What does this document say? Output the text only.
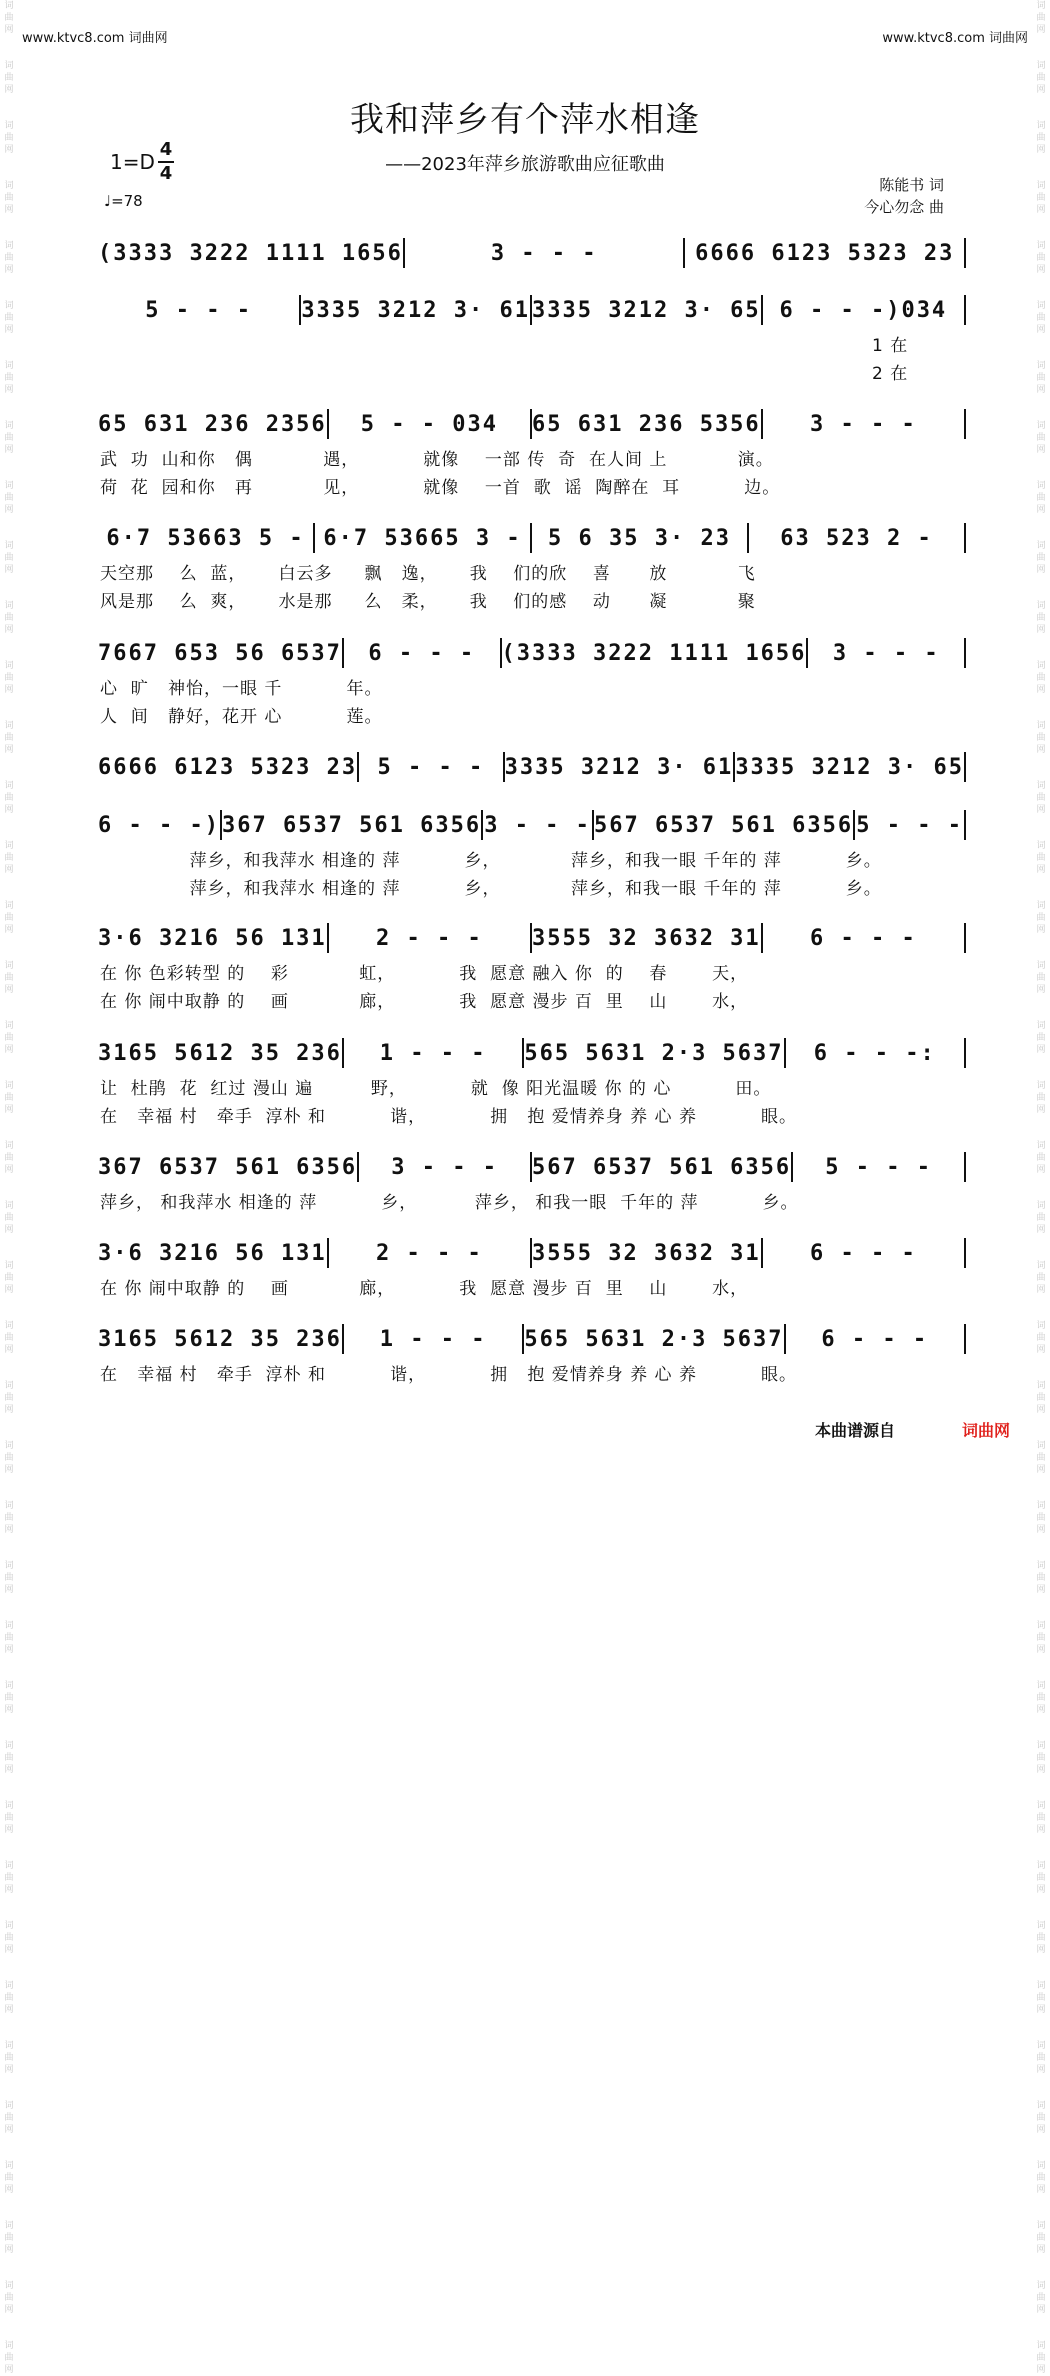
词
曲
网

词
曲
网

词
曲
网

词
曲
网

词
曲
网

词
曲
网

词
曲
网

词
曲
网

词
曲
网

词
曲
网

词
曲
网

词
曲
网

词
曲
网

词
曲
网

词
曲
网

词
曲
网

词
曲
网

词
曲
网

词
曲
网

词
曲
网

词
曲
网

词
曲
网

词
曲
网

词
曲
网

词
曲
网

词
曲
网

词
曲
网

词
曲
网

词
曲
网

词
曲
网

词
曲
网

词
曲
网

词
曲
网

词
曲
网

词
曲
网

词
曲
网

词
曲
网

词
曲
网

词
曲
网

词
曲
网

词
曲
网

词
曲
网

词
曲
网

词
曲
网

词
曲
网

词
曲
网

词
曲
网

词
曲
网

词
曲
网

词
曲
网

词
曲
网

词
曲
网

词
曲
网

词
曲
网

词
曲
网

词
曲
网

词
曲
网

词
曲
网

词
曲
网

词
曲
网

词
曲
网

词
曲
网

词
曲
网

词
曲
网

词
曲
网

词
曲
网

词
曲
网

词
曲
网

词
曲
网

词
曲
网

词
曲
网

词
曲
网

词
曲
网

词
曲
网

词
曲
网

词
曲
网

词
曲
网

词
曲
网

词
曲
网

词
曲
网

www.ktvc8.com 词曲网	www.ktvc8.com 词曲网
我和萍乡有个萍水相逢
——2023年萍乡旅游歌曲应征歌曲
1=D
4
4
♩=78
陈能书 词
今心勿念 曲
(3333 3222 1111 1656	3 - - -	6666 6123 5323 23
5 - - -	3335 3212 3· 61 3335 3212 3· 65 6 - - -)034
1 在
2 在
65 631 236 2356	5 - - 034	65 631 236 5356	3 - - -
武  功  山和你   偶           遇，          就像    一部 传  奇  在人间 上           演。
荷  花  园和你   再           见，          就像    一首  歌  谣  陶醉在  耳          边。
6·7 53663 5 - 6·7 53665 3 -	5 6 35 3· 23	63 523 2 -
天空那    么  蓝，     白云多     飘   逸，     我    们的欣    喜      放           飞
风是那    么  爽，     水是那     么   柔，     我    们的感    动      凝           聚
7667 653 56 6537	6 - - -	(3333 3222 1111 1656	3 - - -
心  旷   神怡，一眼 千          年。
人  间   静好，花开 心          莲。
6666 6123 5323 23 5 - - - 3335 3212 3· 61 3335 3212 3· 65
6 - - -) 367 6537 561 6356 3 - - - 567 6537 561 6356 5 - - -
萍乡，和我萍水 相逢的 萍          乡，           萍乡，和我一眼 千年的 萍          乡。
萍乡，和我萍水 相逢的 萍          乡，           萍乡，和我一眼 千年的 萍          乡。
3·6 3216 56 131	2 - - -	3555 32 3632 31	6 - - -
在 你 色彩转型 的    彩           虹，          我  愿意 融入 你  的    春       天，
在 你 闹中取静 的    画           廊，          我  愿意 漫步 百  里    山       水，
3165 5612 35 236	1 - - -	565 5631 2·3 5637	6 - - -:
让  杜鹃  花  红过 漫山 遍         野，          就  像 阳光温暖 你 的 心          田。
在   幸福 村   牵手  淳朴 和          谐，          拥   抱 爱情养身 养 心 养          眼。
367 6537 561 6356	3 - - -	567 6537 561 6356	5 - - -
萍乡， 和我萍水 相逢的 萍          乡，         萍乡， 和我一眼  千年的 萍          乡。
3·6 3216 56 131	2 - - -	3555 32 3632 31	6 - - -
在 你 闹中取静 的    画           廊，          我  愿意 漫步 百  里    山       水，
3165 5612 35 236	1 - - -	565 5631 2·3 5637	6 - - -
在   幸福 村   牵手  淳朴 和          谐，          拥   抱 爱情养身 养 心 养          眼。
本曲谱源自	词曲网
